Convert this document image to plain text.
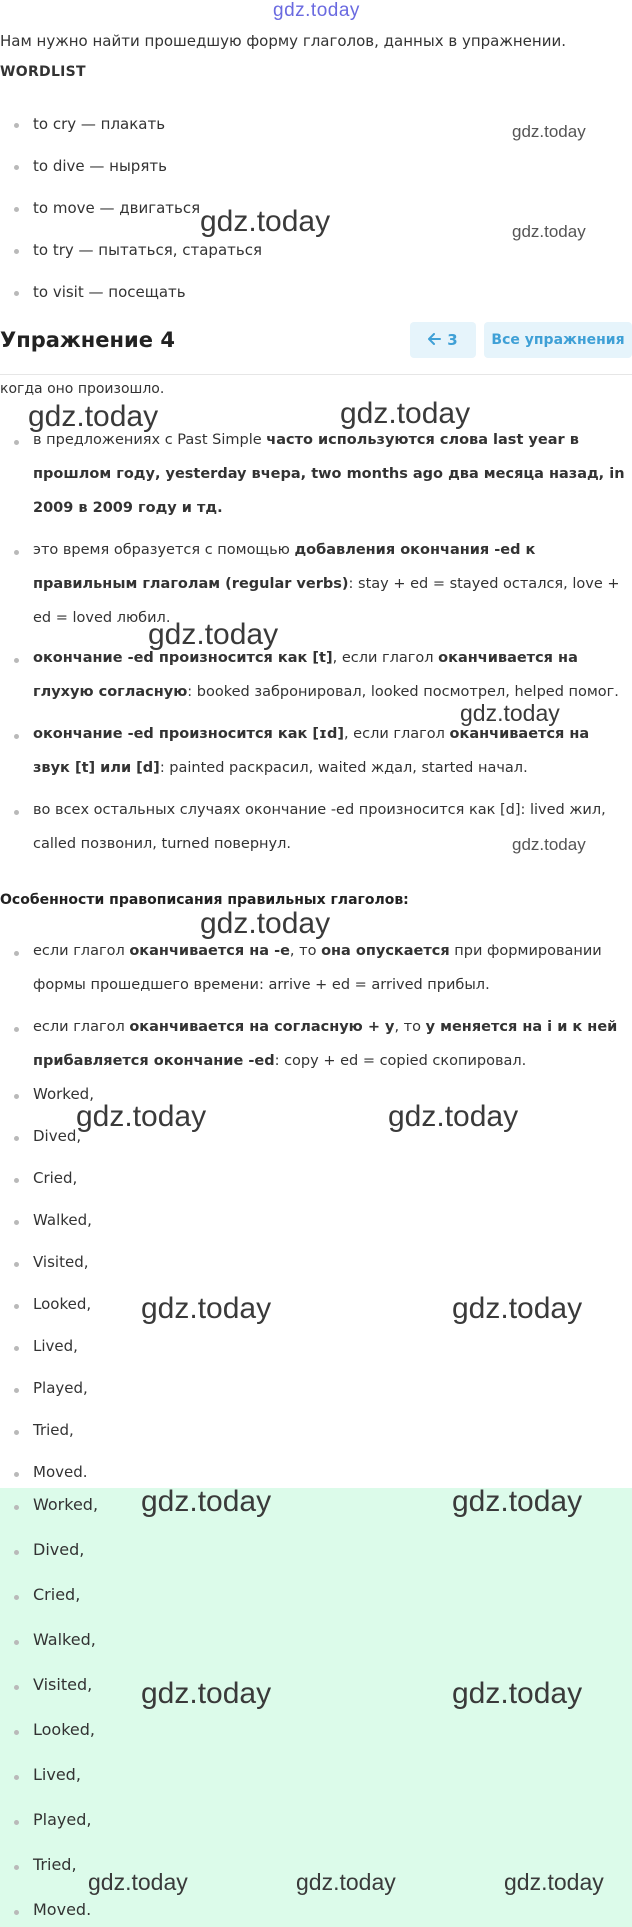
gdz.today
Нам нужно найти прошедшую форму глаголов, данных в упражнении.
WORDLIST
to cry — плакать
to dive — нырять
to move — двигаться
to try — пытаться, стараться
to visit — посещать
Упражнение 4	3	Все упражнения
когда оно произошло.
в предложениях с Past Simple часто используются слова last year в прошлом году, yesterday вчера, two months ago два месяца назад, in 2009 в 2009 году и тд.
это время образуется с помощью добавления окончания -ed к правильным глаголам (regular verbs): stay + ed = stayed остался, love + ed = loved любил.
окончание -ed произносится как [t], если глагол оканчивается на глухую согласную: booked забронировал, looked посмотрел, helped помог.
окончание -ed произносится как [ɪd], если глагол оканчивается на звук [t] или [d]: painted раскрасил, waited ждал, started начал.
во всех остальных случаях окончание -ed произносится как [d]: lived жил, called позвонил, turned повернул.
Особенности правописания правильных глаголов:
если глагол оканчивается на -e, то она опускается при формировании формы прошедшего времени: arrive + ed = arrived прибыл.
если глагол оканчивается на согласную + y, то у меняется на i и к ней прибавляется окончание -ed: copy + ed = copied скопировал.
Worked,
Dived,
Cried,
Walked,
Visited,
Looked,
Lived,
Played,
Tried,
Moved.
Worked,
Dived,
Cried,
Walked,
Visited,
Looked,
Lived,
Played,
Tried,
Moved.
gdz.today
gdz.today	gdz.today
gdz.today	gdz.today
gdz.today
gdz.today
gdz.today
gdz.today
gdz.today	gdz.today
gdz.today	gdz.today
gdz.today	gdz.today
gdz.today	gdz.today
gdz.today	gdz.today	gdz.today
